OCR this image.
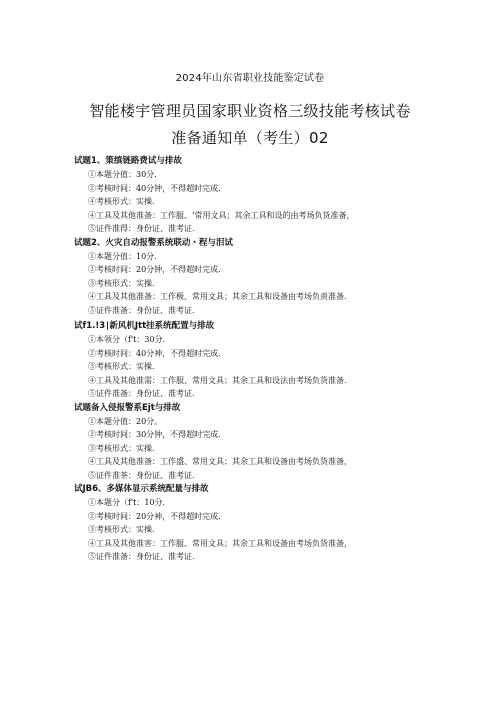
2024年山东省职业技能鉴定试卷
智能楼宇管理员国家职业资格三级技能考核试卷
准备通知单（考生）02
试题1、策缜链路费试与排故
①本题分值：30分.
②考核时间：40分钟，不得超时完成.
④考核形式：实操.
④工具及其他准备：工作服、‘常用文具；其余工具和设的由考场负货准备，
⑤证件准得：身份证、准考证.
试题2、火灾自动报警系统联动・程与泪试
①本题分值：10分.
②考核时间：20分钟，不得超时完成.
③考核形式：实操.
④工具及其他准备：工作极、常用文具；其余工具和设备由考场负责准备.
⑤证件准备：身份证、准考证.
试f1.!3∣新风机Jtt挂系统配置与排故
①本领分（f't：30分.
②考核时间：40分神，不得超时完成.
③考核形式：实操.
④工具及其他准需：工作服、常用文具；其余工具和设法由考场负货准备.
⑤证件准备：身份证、准考证.
试题备入侵报警系Ejt与排故
①本题分值：20分。
②考核时间：30分钟，不得超时完成.
③考核形式：实操.
④工具及其他准备：工作盛、常用文具；其余工具和设备由考场负货准备，
⑤证件准茶：身份证、准考证.
试JB6、多媒体显示系统配量与排故
①本题分（f't：10分.
②考核时间：20分神，不得超时完成.
③考核形式：实操.
④工具及其他准害：工作服、常用文具；其余工具和设备由考场负货准备，
⑤证件准备：身份证、准考证.
